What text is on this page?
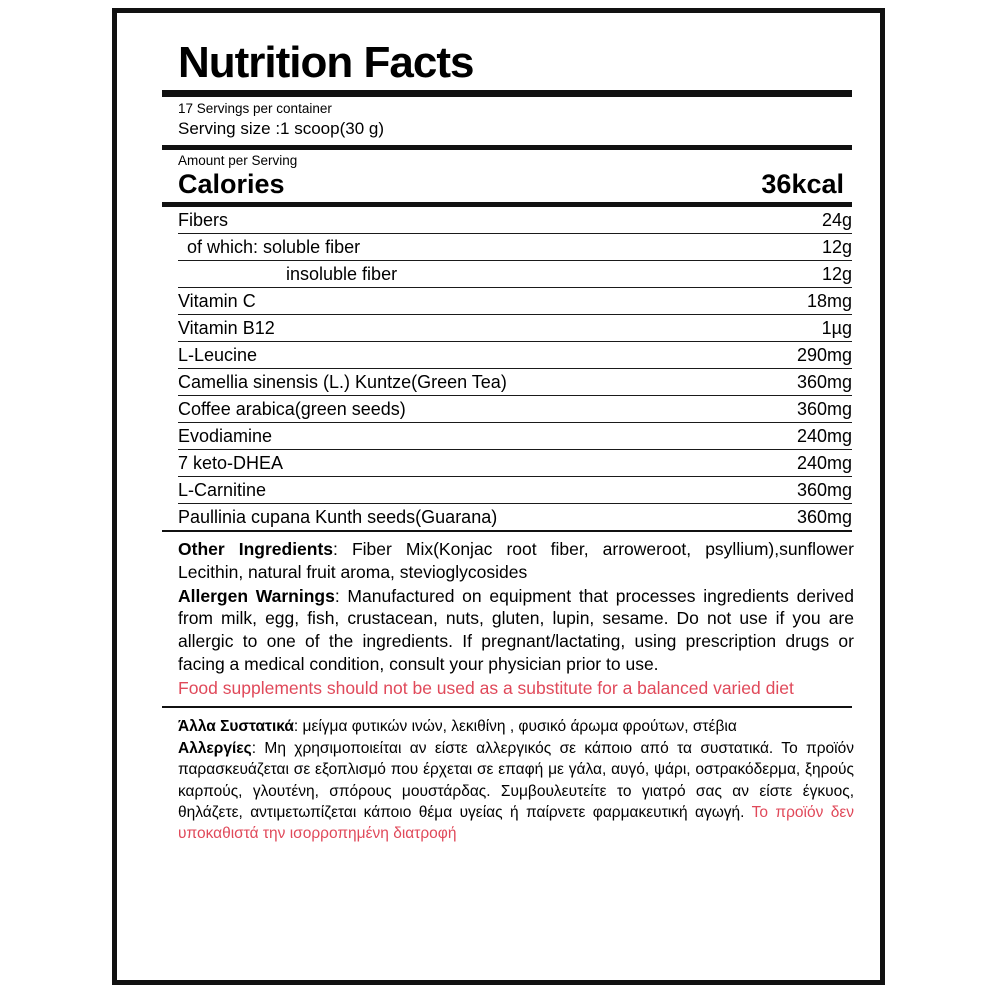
Nutrition Facts
17 Servings per container
Serving size :1 scoop(30 g)
Amount per Serving
Calories	36kcal
Fibers	24g
of which: soluble fiber	12g
insoluble fiber	12g
Vitamin C	18mg
Vitamin B12	1µg
L-Leucine	290mg
Camellia sinensis (L.) Kuntze(Green Tea)	360mg
Coffee arabica(green seeds)	360mg
Evodiamine	240mg
7 keto-DHEA	240mg
L-Carnitine	360mg
Paullinia cupana Kunth seeds(Guarana)	360mg

Other Ingredients: Fiber Mix(Konjac root fiber, arroweroot, psyllium),sunflower Lecithin, natural fruit aroma, stevioglycosides

Allergen Warnings: Manufactured on equipment that processes ingredients derived from milk, egg, fish, crustacean, nuts, gluten, lupin, sesame. Do not use if you are allergic to one of the ingredients. If pregnant/lactating, using prescription drugs or facing a medical condition, consult your physician prior to use.

Food supplements should not be used as a substitute for a balanced varied diet

Άλλα Συστατικά: μείγμα φυτικών ινών, λεκιθίνη , φυσικό άρωμα φρούτων, στέβια

Αλλεργίες: Μη χρησιμοποιείται αν είστε αλλεργικός σε κάποιο από τα συστατικά. Το προϊόν παρασκευάζεται σε εξοπλισμό που έρχεται σε επαφή με γάλα, αυγό, ψάρι, οστρακόδερμα, ξηρούς καρπούς, γλουτένη, σπόρους μουστάρδας. Συμβουλευτείτε το γιατρό σας αν είστε έγκυος, θηλάζετε, αντιμετωπίζεται κάποιο θέμα υγείας ή παίρνετε φαρμακευτική αγωγή. Το προϊόν δεν υποκαθιστά την ισορροπημένη διατροφή
